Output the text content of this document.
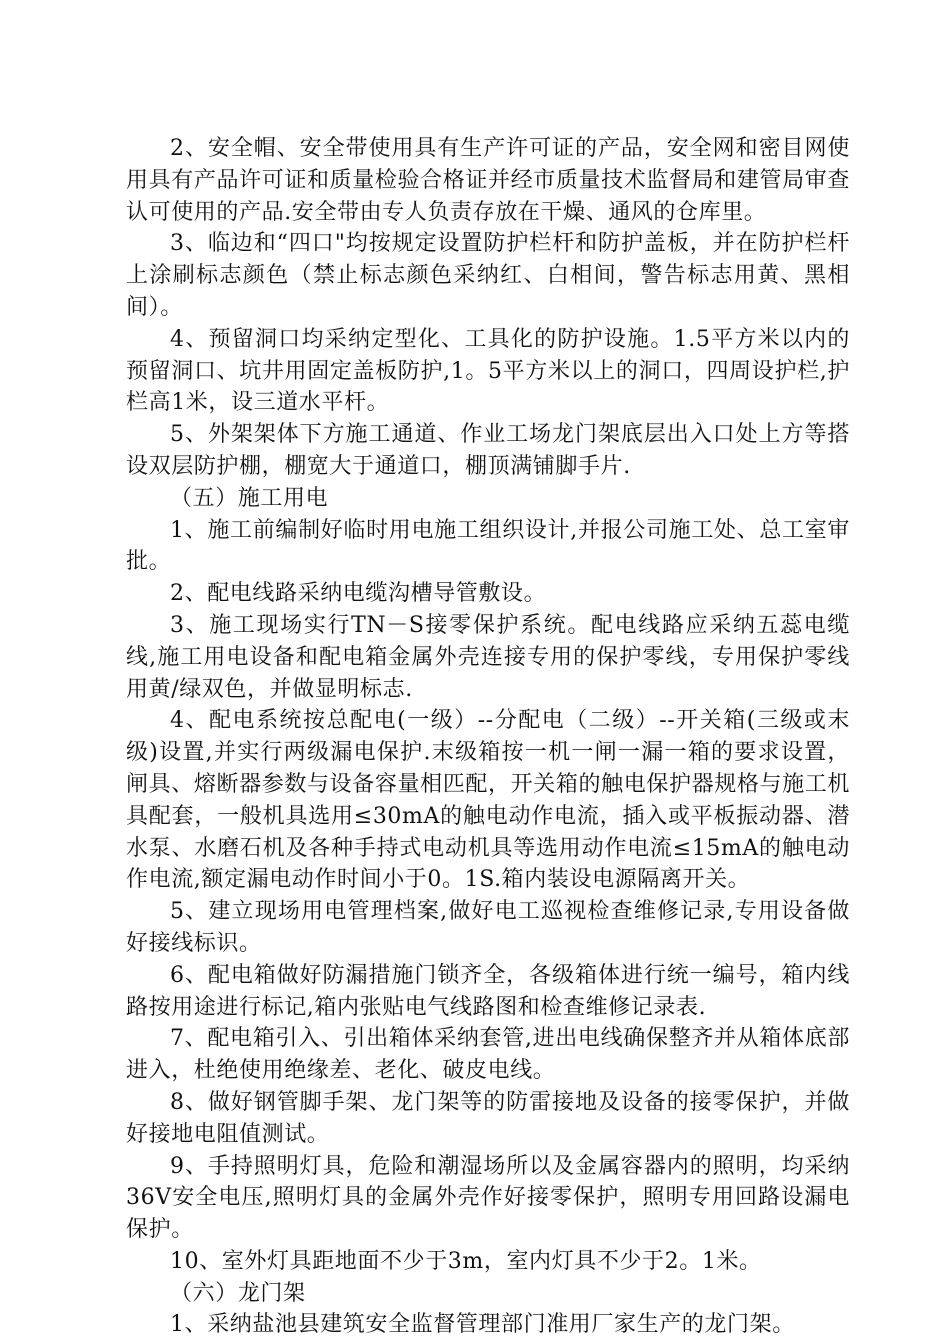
2、安全帽、安全带使用具有生产许可证的产品，安全网和密目网使用具有产品许可证和质量检验合格证并经市质量技术监督局和建管局审查认可使用的产品.安全带由专人负责存放在干燥、通风的仓库里。

3、临边和“四口"均按规定设置防护栏杆和防护盖板，并在防护栏杆上涂刷标志颜色（禁止标志颜色采纳红、白相间，警告标志用黄、黑相间）。

4、预留洞口均采纳定型化、工具化的防护设施。1.5平方米以内的预留洞口、坑井用固定盖板防护,1。5平方米以上的洞口，四周设护栏,护栏高1米，设三道水平杆。

5、外架架体下方施工通道、作业工场龙门架底层出入口处上方等搭设双层防护棚，棚宽大于通道口，棚顶满铺脚手片.

（五）施工用电

1、施工前编制好临时用电施工组织设计,并报公司施工处、总工室审批。

2、配电线路采纳电缆沟槽导管敷设。

3、施工现场实行TN－S接零保护系统。配电线路应采纳五蕊电缆线,施工用电设备和配电箱金属外壳连接专用的保护零线，专用保护零线用黄/绿双色，并做显明标志.

4、配电系统按总配电(一级）--分配电（二级）--开关箱(三级或末级)设置,并实行两级漏电保护.末级箱按一机一闸一漏一箱的要求设置，闸具、熔断器参数与设备容量相匹配，开关箱的触电保护器规格与施工机具配套，一般机具选用≤30mA的触电动作电流，插入或平板振动器、潜水泵、水磨石机及各种手持式电动机具等选用动作电流≤15mA的触电动作电流,额定漏电动作时间小于0。1S.箱内装设电源隔离开关。

5、建立现场用电管理档案,做好电工巡视检查维修记录,专用设备做好接线标识。

6、配电箱做好防漏措施门锁齐全，各级箱体进行统一编号，箱内线路按用途进行标记,箱内张贴电气线路图和检查维修记录表.

7、配电箱引入、引出箱体采纳套管,进出电线确保整齐并从箱体底部进入，杜绝使用绝缘差、老化、破皮电线。

8、做好钢管脚手架、龙门架等的防雷接地及设备的接零保护，并做好接地电阻值测试。

9、手持照明灯具，危险和潮湿场所以及金属容器内的照明，均采纳36V安全电压,照明灯具的金属外壳作好接零保护，照明专用回路设漏电保护。

10、室外灯具距地面不少于3m，室内灯具不少于2。1米。

（六）龙门架

1、采纳盐池县建筑安全监督管理部门准用厂家生产的龙门架。
